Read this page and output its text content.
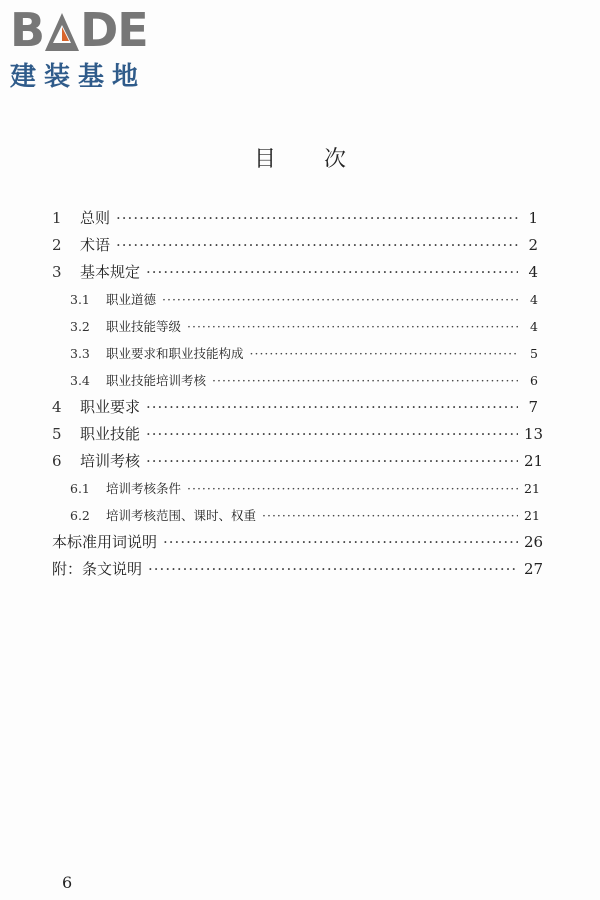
B DE
建装基地
目次
1	总则 ·····	1
2	术语 ·····	2
3	基本规定 ·····	4
3.1	职业道德 ·····	4
3.2	职业技能等级 ·····	4
3.3	职业要求和职业技能构成 ·····	5
3.4	职业技能培训考核 ·····	6
4	职业要求 ·····	7
5	职业技能 ·····	13
6	培训考核 ·····	21
6.1	培训考核条件 ·····	21
6.2	培训考核范围、课时、权重 ·····	21
本标准用词说明 ·····	26
附：条文说明 ·····	27
6
